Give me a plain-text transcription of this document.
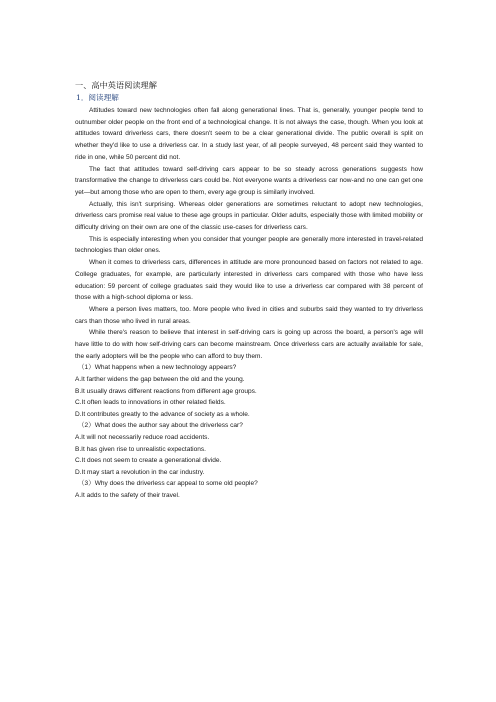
一、高中英语阅读理解
1．阅读理解

Attitudes toward new technologies often fall along generational lines. That is, generally, younger people tend to outnumber older people on the front end of a technological change. It is not always the case, though. When you look at attitudes toward driverless cars, there doesn't seem to be a clear generational divide. The public overall is split on whether they'd like to use a driverless car. In a study last year, of all people surveyed, 48 percent said they wanted to ride in one, while 50 percent did not.

The fact that attitudes toward self-driving cars appear to be so steady across generations suggests how transformative the change to driverless cars could be. Not everyone wants a driverless car now-and no one can get one yet—but among those who are open to them, every age group is similarly involved.

Actually, this isn't surprising. Whereas older generations are sometimes reluctant to adopt new technologies, driverless cars promise real value to these age groups in particular. Older adults, especially those with limited mobility or difficulty driving on their own are one of the classic use-cases for driverless cars.

This is especially interesting when you consider that younger people are generally more interested in travel-related technologies than older ones.

When it comes to driverless cars, differences in attitude are more pronounced based on factors not related to age. College graduates, for example, are particularly interested in driverless cars compared with those who have less education: 59 percent of college graduates said they would like to use a driverless car compared with 38 percent of those with a high-school diploma or less.

Where a person lives matters, too. More people who lived in cities and suburbs said they wanted to try driverless cars than those who lived in rural areas.

While there's reason to believe that interest in self-driving cars is going up across the board, a person's age will have little to do with how self-driving cars can become mainstream. Once driverless cars are actually available for sale, the early adopters will be the people who can afford to buy them.

（1）What happens when a new technology appears?

A.It farther widens the gap between the old and the young.

B.It usually draws different reactions from different age groups.

C.It often leads to innovations in other related fields.

D.It contributes greatly to the advance of society as a whole.

（2）What does the author say about the driverless car?

A.It will not necessarily reduce road accidents.

B.It has given rise to unrealistic expectations.

C.It does not seem to create a generational divide.

D.It may start a revolution in the car industry.

（3）Why does the driverless car appeal to some old people?

A.It adds to the safety of their travel.
